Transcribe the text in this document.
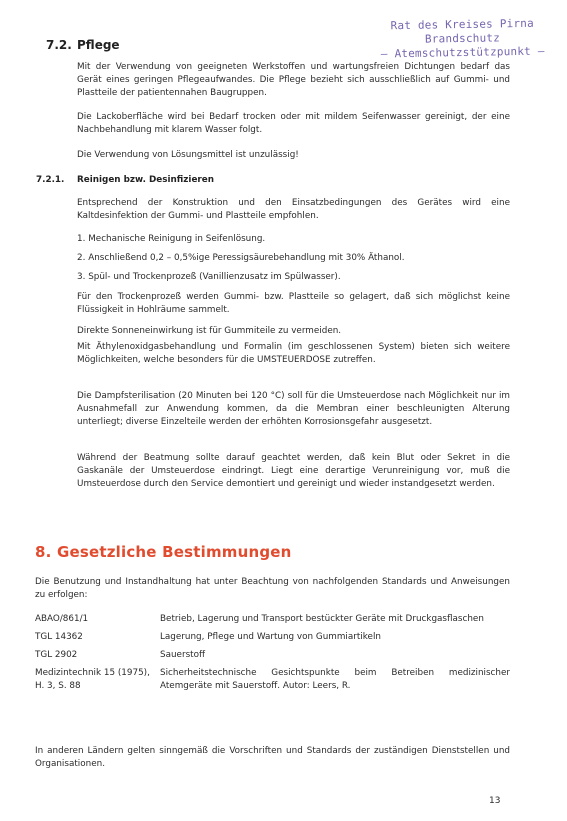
Rat des Kreises Pirna
Brandschutz
– Atemschutzstützpunkt –
7.2. Pflege

Mit der Verwendung von geeigneten Werkstoffen und wartungsfreien Dichtungen bedarf das Gerät eines geringen Pflegeaufwandes. Die Pflege bezieht sich ausschließlich auf Gummi- und Plastteile der patientennahen Baugruppen.

Die Lackoberfläche wird bei Bedarf trocken oder mit mildem Seifenwasser gereinigt, der eine Nachbehandlung mit klarem Wasser folgt.

Die Verwendung von Lösungsmittel ist unzulässig!

7.2.1. Reinigen bzw. Desinfizieren

Entsprechend der Konstruktion und den Einsatzbedingungen des Gerätes wird eine Kaltdesinfektion der Gummi- und Plastteile empfohlen.

1. Mechanische Reinigung in Seifenlösung.

2. Anschließend 0,2 – 0,5%ige Peressigsäurebehandlung mit 30% Äthanol.

3. Spül- und Trockenprozeß (Vanillienzusatz im Spülwasser).

Für den Trockenprozeß werden Gummi- bzw. Plastteile so gelagert, daß sich möglichst keine Flüssigkeit in Hohlräume sammelt.

Direkte Sonneneinwirkung ist für Gummiteile zu vermeiden.

Mit Äthylenoxidgasbehandlung und Formalin (im geschlossenen System) bieten sich weitere Möglichkeiten, welche besonders für die UMSTEUERDOSE zutreffen.

Die Dampfsterilisation (20 Minuten bei 120 °C) soll für die Umsteuerdose nach Möglichkeit nur im Ausnahmefall zur Anwendung kommen, da die Membran einer beschleunigten Alterung unterliegt; diverse Einzelteile werden der erhöhten Korrosionsgefahr ausgesetzt.

Während der Beatmung sollte darauf geachtet werden, daß kein Blut oder Sekret in die Gaskanäle der Umsteuerdose eindringt. Liegt eine derartige Verunreinigung vor, muß die Umsteuerdose durch den Service demontiert und gereinigt und wieder instandgesetzt werden.

8. Gesetzliche Bestimmungen

Die Benutzung und Instandhaltung hat unter Beachtung von nachfolgenden Standards und Anweisungen zu erfolgen:

ABAO/861/1	Betrieb, Lagerung und Transport bestückter Geräte mit Druckgasflaschen
TGL 14362	Lagerung, Pflege und Wartung von Gummiartikeln
TGL 2902	Sauerstoff
Medizintechnik 15 (1975), H. 3, S. 88	Sicherheitstechnische Gesichtspunkte beim Betreiben medizinischer Atemgeräte mit Sauerstoff. Autor: Leers, R.

In anderen Ländern gelten sinngemäß die Vorschriften und Standards der zuständigen Dienststellen und Organisationen.

13
